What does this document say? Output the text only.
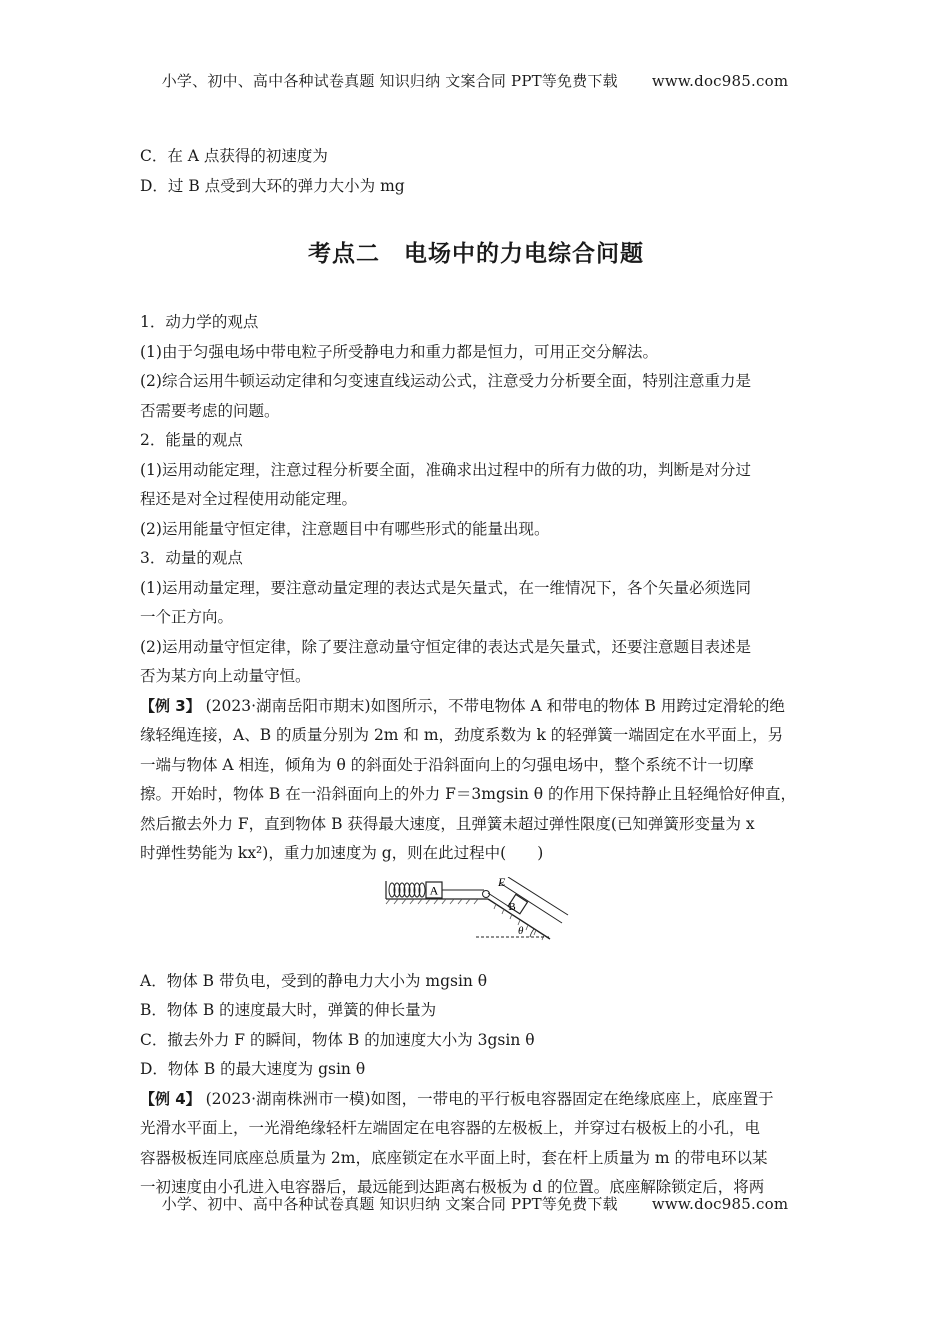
小学、初中、高中各种试卷真题 知识归纳 文案合同 PPT等免费下载 www.doc985.com
C．在 A 点获得的初速度为
D．过 B 点受到大环的弹力大小为 mg
考点二　电场中的力电综合问题
1．动力学的观点
(1)由于匀强电场中带电粒子所受静电力和重力都是恒力，可用正交分解法。
(2)综合运用牛顿运动定律和匀变速直线运动公式，注意受力分析要全面，特别注意重力是
否需要考虑的问题。
2．能量的观点
(1)运用动能定理，注意过程分析要全面，准确求出过程中的所有力做的功，判断是对分过
程还是对全过程使用动能定理。
(2)运用能量守恒定律，注意题目中有哪些形式的能量出现。
3．动量的观点
(1)运用动量定理，要注意动量定理的表达式是矢量式，在一维情况下，各个矢量必须选同
一个正方向。
(2)运用动量守恒定律，除了要注意动量守恒定律的表达式是矢量式，还要注意题目表述是
否为某方向上动量守恒。
【例 3】 (2023·湖南岳阳市期末)如图所示，不带电物体 A 和带电的物体 B 用跨过定滑轮的绝
缘轻绳连接，A、B 的质量分别为 2m 和 m，劲度系数为 k 的轻弹簧一端固定在水平面上，另
一端与物体 A 相连，倾角为 θ 的斜面处于沿斜面向上的匀强电场中，整个系统不计一切摩
擦。开始时，物体 B 在一沿斜面向上的外力 F＝3mgsin θ 的作用下保持静止且轻绳恰好伸直，
然后撤去外力 F，直到物体 B 获得最大速度，且弹簧未超过弹性限度(已知弹簧形变量为 x
时弹性势能为 kx²)，重力加速度为 g，则在此过程中(　　)
A
B
E
θ
A．物体 B 带负电，受到的静电力大小为 mgsin θ
B．物体 B 的速度最大时，弹簧的伸长量为
C．撤去外力 F 的瞬间，物体 B 的加速度大小为 3gsin θ
D．物体 B 的最大速度为 gsin θ
【例 4】 (2023·湖南株洲市一模)如图，一带电的平行板电容器固定在绝缘底座上，底座置于
光滑水平面上，一光滑绝缘轻杆左端固定在电容器的左极板上，并穿过右极板上的小孔，电
容器极板连同底座总质量为 2m，底座锁定在水平面上时，套在杆上质量为 m 的带电环以某
一初速度由小孔进入电容器后，最远能到达距离右极板为 d 的位置。底座解除锁定后，将两
小学、初中、高中各种试卷真题 知识归纳 文案合同 PPT等免费下载 www.doc985.com
